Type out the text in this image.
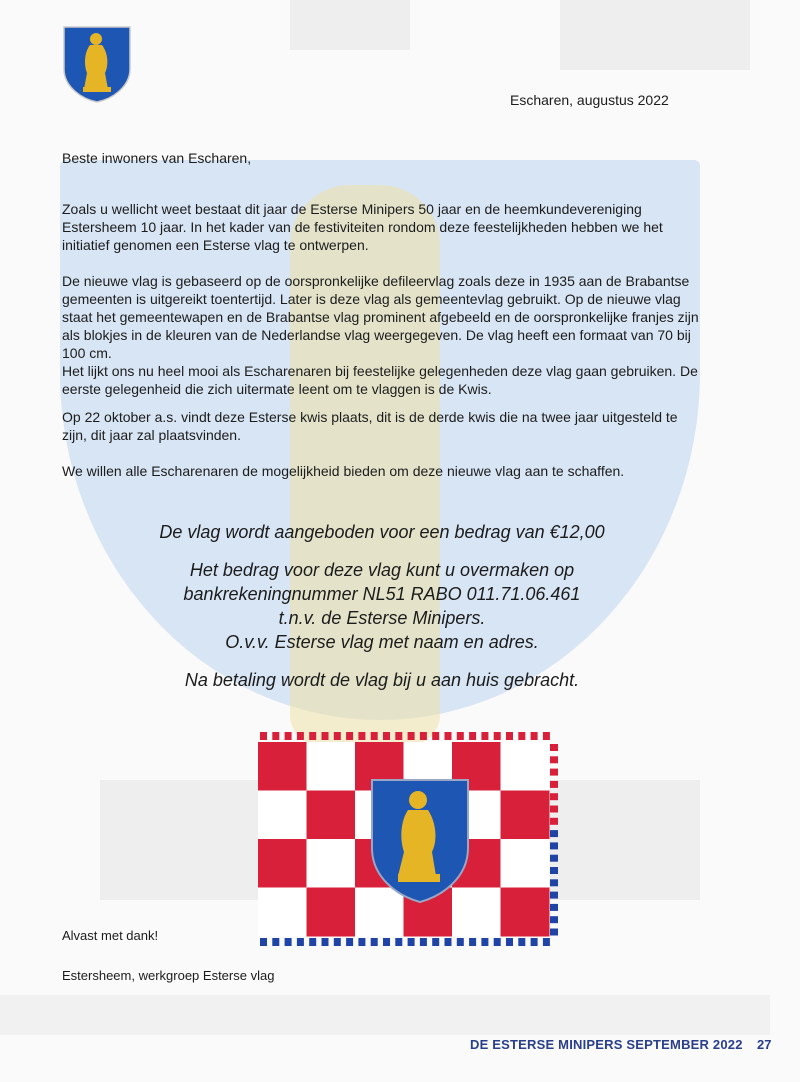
Escharen, augustus 2022
Beste inwoners van Escharen,

Zoals u wellicht weet bestaat dit jaar de Esterse Minipers 50 jaar en de heemkundevereniging Estersheem 10 jaar. In het kader van de festiviteiten rondom deze feestelijkheden hebben we het initiatief genomen een Esterse vlag te ontwerpen.

De nieuwe vlag is gebaseerd op de oorspronkelijke defileervlag zoals deze in 1935 aan de Brabantse gemeenten is uitgereikt toentertijd. Later is deze vlag als gemeentevlag gebruikt. Op de nieuwe vlag staat het gemeentewapen en de Brabantse vlag prominent afgebeeld en de oorspronkelijke franjes zijn als blokjes in de kleuren van de Nederlandse vlag weergegeven. De vlag heeft een formaat van 70 bij 100 cm.

Het lijkt ons nu heel mooi als Escharenaren bij feestelijke gelegenheden deze vlag gaan gebruiken. De eerste gelegenheid die zich uitermate leent om te vlaggen is de Kwis.

Op 22 oktober a.s. vindt deze Esterse kwis plaats, dit is de derde kwis die na twee jaar uitgesteld te zijn, dit jaar zal plaatsvinden.

We willen alle Escharenaren de mogelijkheid bieden om deze nieuwe vlag aan te schaffen.

De vlag wordt aangeboden voor een bedrag van €12,00

Het bedrag voor deze vlag kunt u overmaken op
bankrekeningnummer NL51 RABO 011.71.06.461
t.n.v. de Esterse Minipers.

O.v.v. Esterse vlag met naam en adres.

Na betaling wordt de vlag bij u aan huis gebracht.

Alvast met dank!
Estersheem, werkgroep Esterse vlag
DE ESTERSE MINIPERS SEPTEMBER 2022 27
